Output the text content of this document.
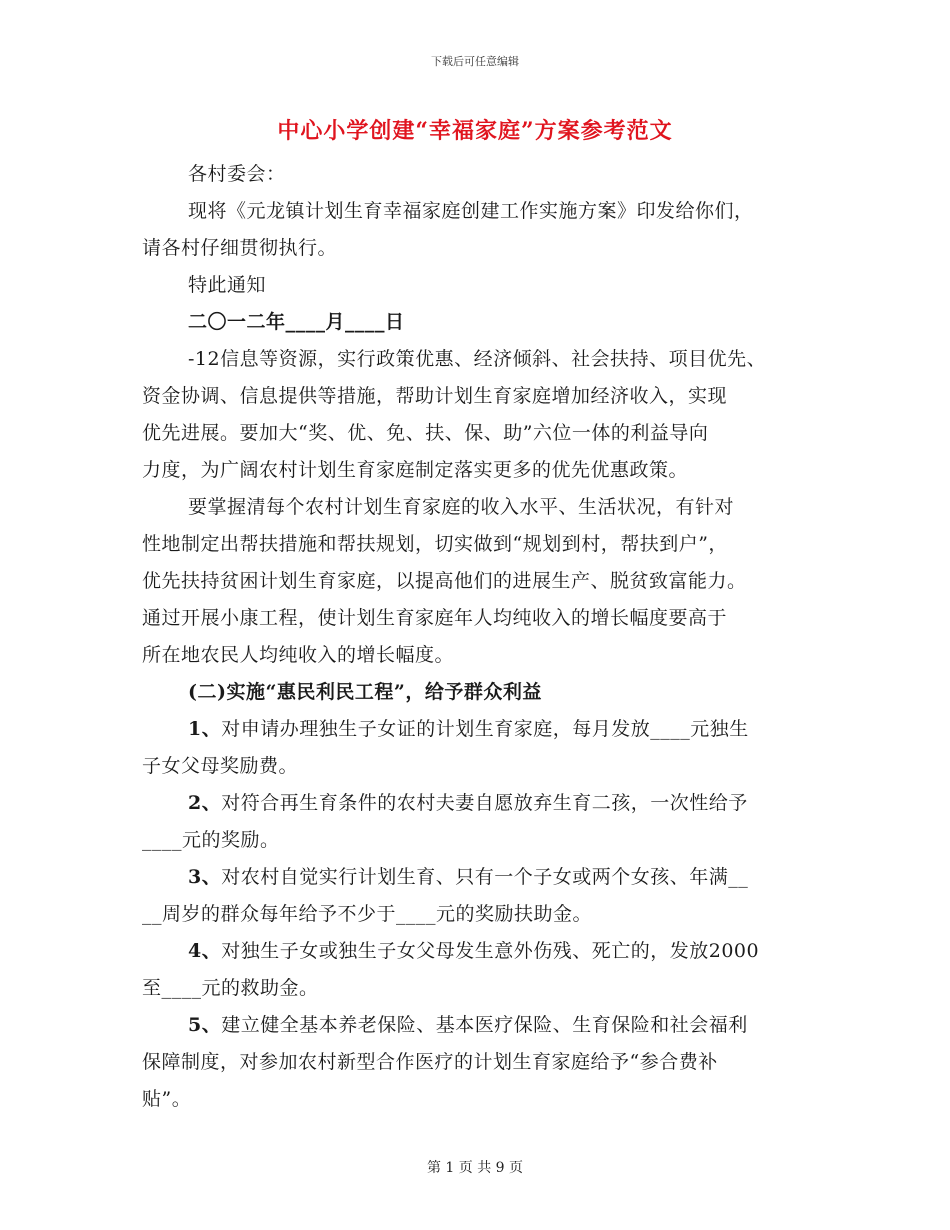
下载后可任意编辑
中心小学创建“幸福家庭”方案参考范文
各村委会：
现将《元龙镇计划生育幸福家庭创建工作实施方案》印发给你们，
请各村仔细贯彻执行。
特此通知
二〇一二年____月____日
-12信息等资源，实行政策优惠、经济倾斜、社会扶持、项目优先、
资金协调、信息提供等措施，帮助计划生育家庭增加经济收入，实现
优先进展。要加大“奖、优、免、扶、保、助”六位一体的利益导向
力度，为广阔农村计划生育家庭制定落实更多的优先优惠政策。
要掌握清每个农村计划生育家庭的收入水平、生活状况，有针对
性地制定出帮扶措施和帮扶规划，切实做到“规划到村，帮扶到户”，
优先扶持贫困计划生育家庭，以提高他们的进展生产、脱贫致富能力。
通过开展小康工程，使计划生育家庭年人均纯收入的增长幅度要高于
所在地农民人均纯收入的增长幅度。
(二)实施“惠民利民工程”，给予群众利益
1、对申请办理独生子女证的计划生育家庭，每月发放____元独生
子女父母奖励费。
2、对符合再生育条件的农村夫妻自愿放弃生育二孩，一次性给予
____元的奖励。
3、对农村自觉实行计划生育、只有一个子女或两个女孩、年满__
__周岁的群众每年给予不少于____元的奖励扶助金。
4、对独生子女或独生子女父母发生意外伤残、死亡的，发放2000
至____元的救助金。
5、建立健全基本养老保险、基本医疗保险、生育保险和社会福利
保障制度，对参加农村新型合作医疗的计划生育家庭给予“参合费补
贴”。
第 1 页 共 9 页
